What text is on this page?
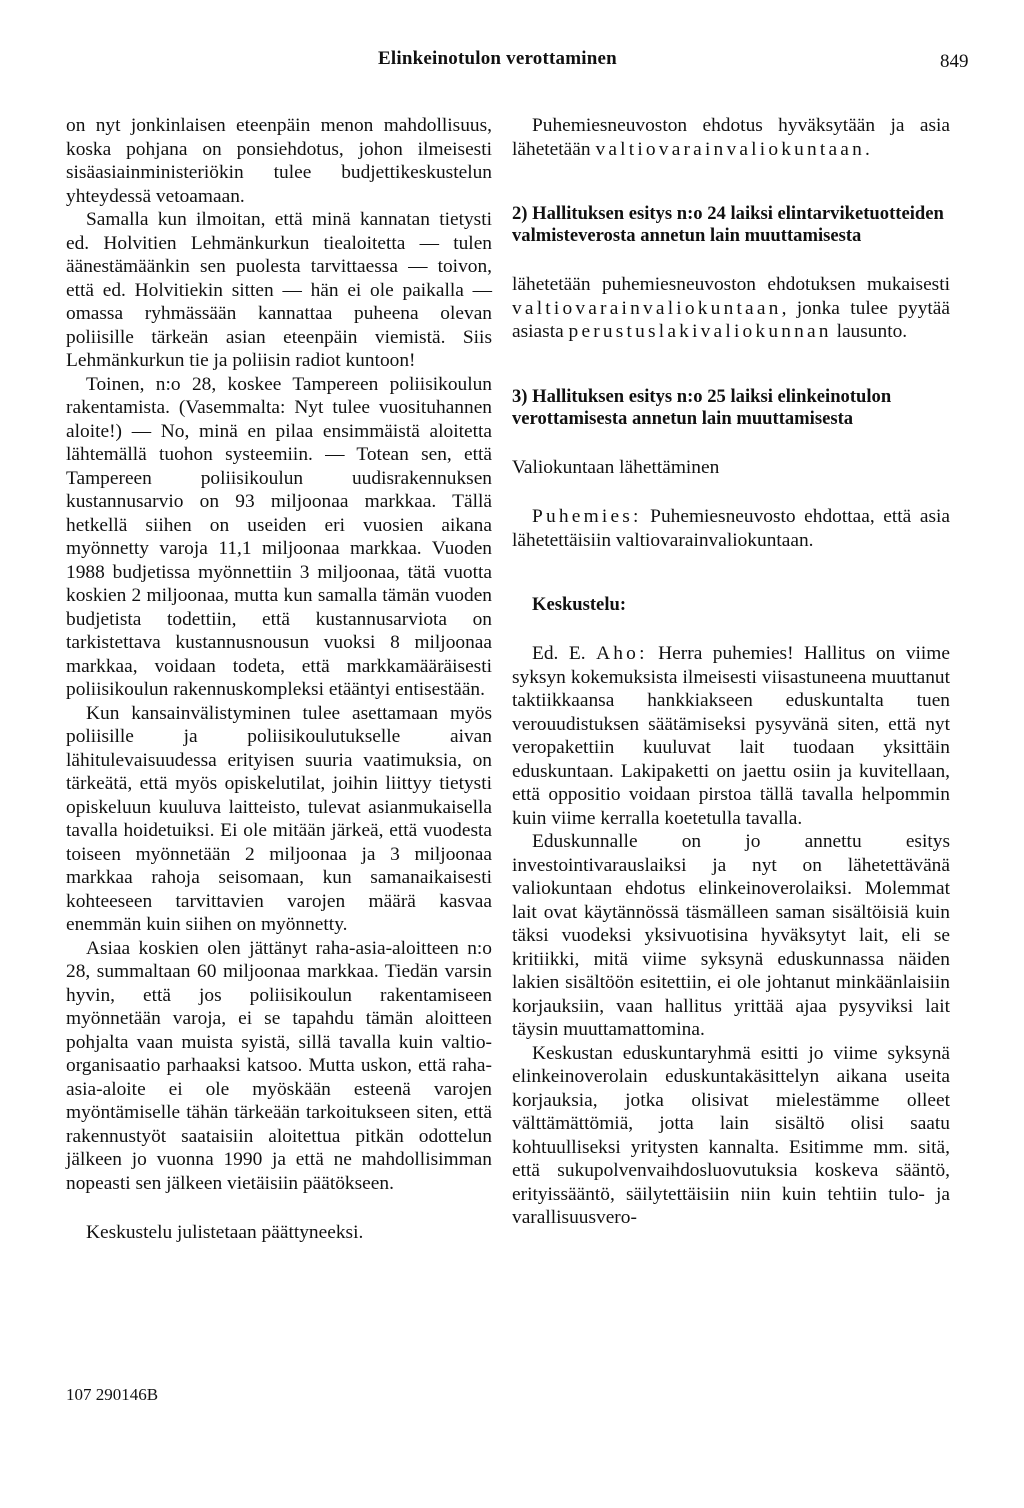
Elinkeinotulon verottaminen	849

on nyt jonkinlaisen eteenpäin menon mahdollisuus, koska pohjana on ponsiehdotus, johon ilmeisesti sisäasiainministeriökin tulee budjettikeskustelun yhteydessä vetoamaan.

Samalla kun ilmoitan, että minä kannatan tietysti ed. Holvitien Lehmänkurkun tiealoitetta — tulen äänestämäänkin sen puolesta tarvittaessa — toivon, että ed. Holvitiekin sitten — hän ei ole paikalla — omassa ryhmässään kannattaa puheena olevan poliisille tärkeän asian eteenpäin viemistä. Siis Lehmänkurkun tie ja poliisin radiot kuntoon!

Toinen, n:o 28, koskee Tampereen poliisikoulun rakentamista. (Vasemmalta: Nyt tulee vuosituhannen aloite!) — No, minä en pilaa ensimmäistä aloitetta lähtemällä tuohon systeemiin. — Totean sen, että Tampereen poliisikoulun uudisrakennuksen kustannusarvio on 93 miljoonaa markkaa. Tällä hetkellä siihen on useiden eri vuosien aikana myönnetty varoja 11,1 miljoonaa markkaa. Vuoden 1988 budjetissa myönnettiin 3 miljoonaa, tätä vuotta koskien 2 miljoonaa, mutta kun samalla tämän vuoden budjetista todettiin, että kustannusarviota on tarkistettava kustannusnousun vuoksi 8 miljoonaa markkaa, voidaan todeta, että markkamääräisesti poliisikoulun rakennuskompleksi etääntyi entisestään.

Kun kansainvälistyminen tulee asettamaan myös poliisille ja poliisikoulutukselle aivan lähitulevaisuudessa erityisen suuria vaatimuksia, on tärkeätä, että myös opiskelutilat, joihin liittyy tietysti opiskeluun kuuluva laitteisto, tulevat asianmukaisella tavalla hoidetuiksi. Ei ole mitään järkeä, että vuodesta toiseen myönnetään 2 miljoonaa ja 3 miljoonaa markkaa rahoja seisomaan, kun samanaikaisesti kohteeseen tarvittavien varojen määrä kasvaa enemmän kuin siihen on myönnetty.

Asiaa koskien olen jättänyt raha-asia-aloitteen n:o 28, summaltaan 60 miljoonaa markkaa. Tiedän varsin hyvin, että jos poliisikoulun rakentamiseen myönnetään varoja, ei se tapahdu tämän aloitteen pohjalta vaan muista syistä, sillä tavalla kuin valtio-organisaatio parhaaksi katsoo. Mutta uskon, että raha-asia-aloite ei ole myöskään esteenä varojen myöntämiselle tähän tärkeään tarkoitukseen siten, että rakennustyöt saataisiin aloitettua pitkän odottelun jälkeen jo vuonna 1990 ja että ne mahdollisimman nopeasti sen jälkeen vietäisiin päätökseen.

Keskustelu julistetaan päättyneeksi.

Puhemiesneuvoston ehdotus hyväksytään ja asia lähetetään valtiovarainvaliokuntaan.

2) Hallituksen esitys n:o 24 laiksi elintarviketuotteiden valmisteverosta annetun lain muuttamisesta

lähetetään puhemiesneuvoston ehdotuksen mukaisesti valtiovarainvaliokuntaan, jonka tulee pyytää asiasta perustuslakivaliokunnan lausunto.

3) Hallituksen esitys n:o 25 laiksi elinkeinotulon verottamisesta annetun lain muuttamisesta

Valiokuntaan lähettäminen

Puhemies: Puhemiesneuvosto ehdottaa, että asia lähetettäisiin valtiovarainvaliokuntaan.

Keskustelu:

Ed. E. Aho: Herra puhemies! Hallitus on viime syksyn kokemuksista ilmeisesti viisastuneena muuttanut taktiikkaansa hankkiakseen eduskuntalta tuen verouudistuksen säätämiseksi pysyvänä siten, että nyt veropakettiin kuuluvat lait tuodaan yksittäin eduskuntaan. Lakipaketti on jaettu osiin ja kuvitellaan, että oppositio voidaan pirstoa tällä tavalla helpommin kuin viime kerralla koetetulla tavalla.

Eduskunnalle on jo annettu esitys investointivarauslaiksi ja nyt on lähetettävänä valiokuntaan ehdotus elinkeinoverolaiksi. Molemmat lait ovat käytännössä täsmälleen saman sisältöisiä kuin täksi vuodeksi yksivuotisina hyväksytyt lait, eli se kritiikki, mitä viime syksynä eduskunnassa näiden lakien sisältöön esitettiin, ei ole johtanut minkäänlaisiin korjauksiin, vaan hallitus yrittää ajaa pysyviksi lait täysin muuttamattomina.

Keskustan eduskuntaryhmä esitti jo viime syksynä elinkeinoverolain eduskuntakäsittelyn aikana useita korjauksia, jotka olisivat mielestämme olleet välttämättömiä, jotta lain sisältö olisi saatu kohtuulliseksi yritysten kannalta. Esitimme mm. sitä, että sukupolvenvaihdosluovutuksia koskeva sääntö, erityissääntö, säilytettäisiin niin kuin tehtiin tulo- ja varallisuusvero-

107 290146B
